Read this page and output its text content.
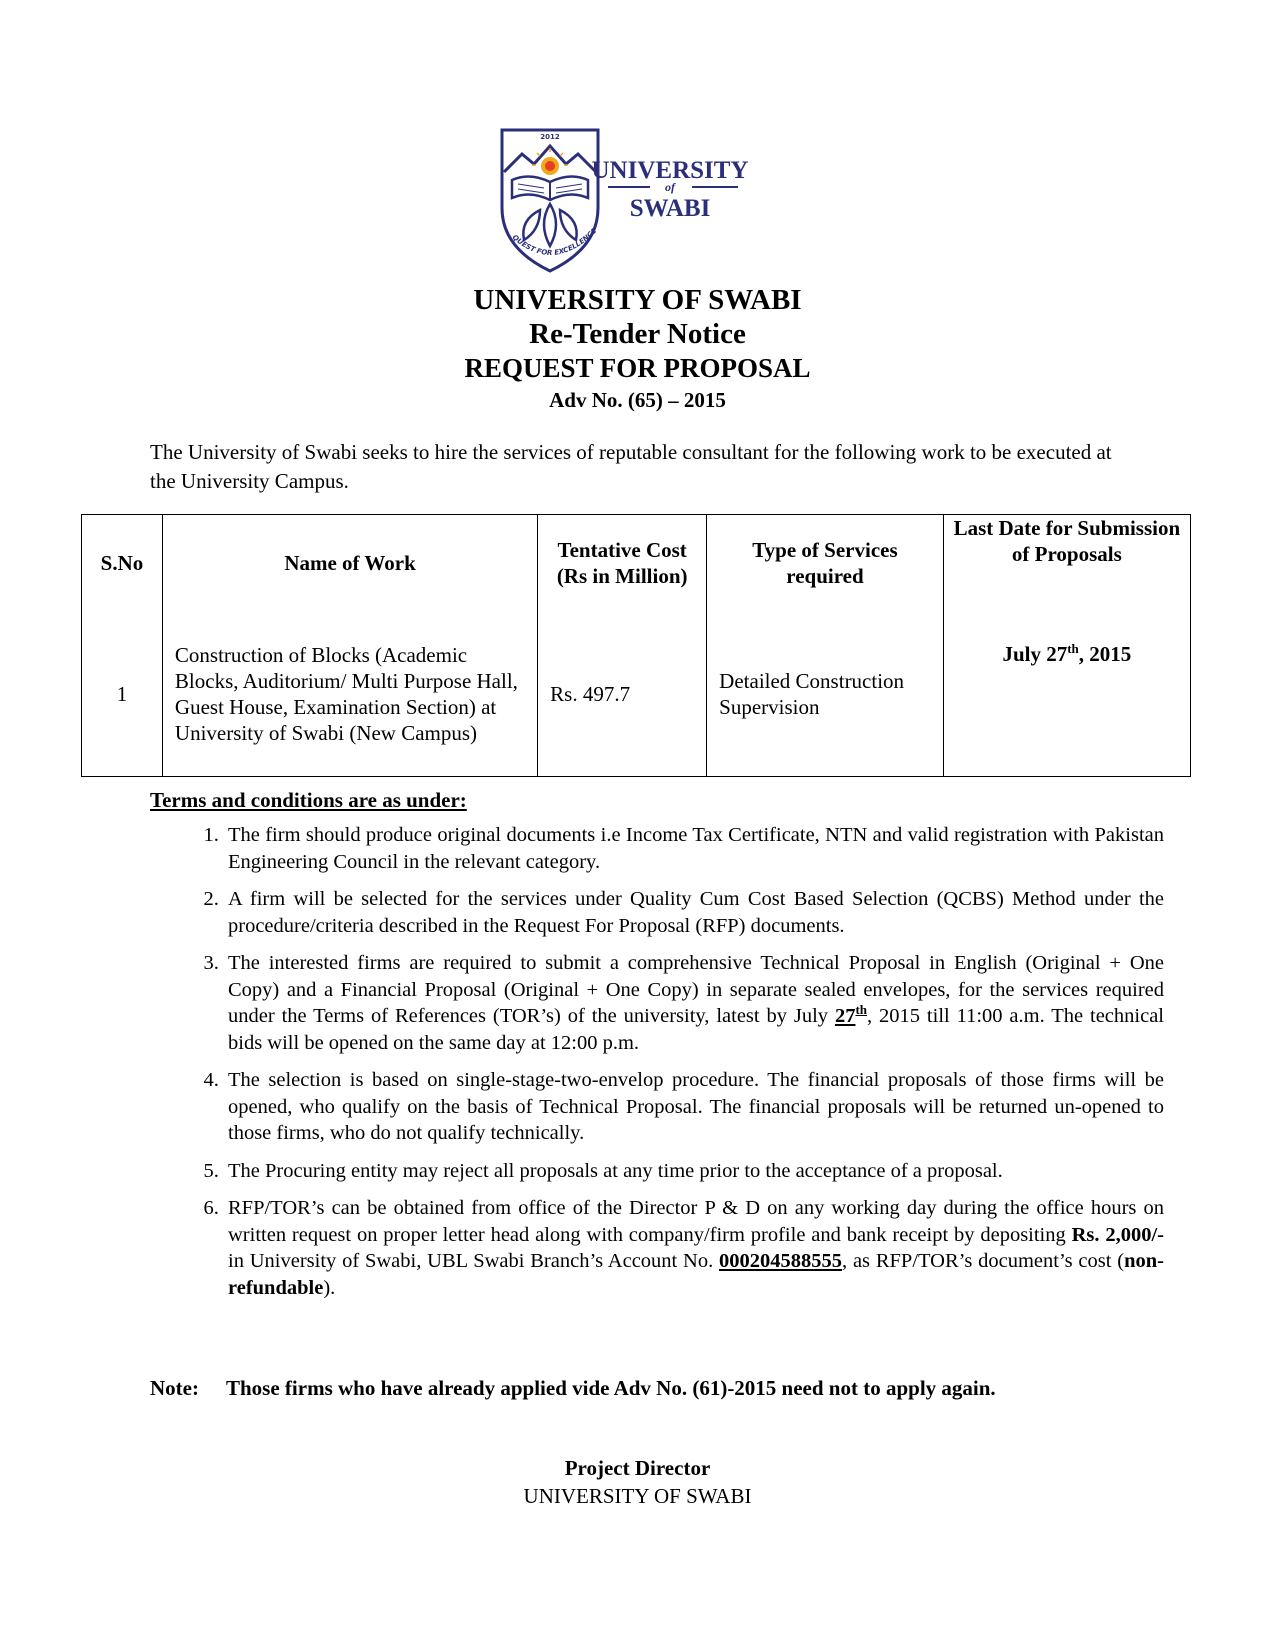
2012
QUEST FOR EXCELLENCE
UNIVERSITY
of
SWABI
UNIVERSITY OF SWABI
Re-Tender Notice
REQUEST FOR PROPOSAL
Adv No. (65) – 2015
The University of Swabi seeks to hire the services of reputable consultant for the following work to be executed at the University Campus.
S.No	Name of Work	Tentative Cost (Rs in Million)	Type of Services required	Last Date for Submission of Proposals
1	Construction of Blocks (Academic Blocks, Auditorium/ Multi Purpose Hall, Guest House, Examination Section) at University of Swabi (New Campus)	Rs. 497.7	Detailed Construction Supervision	July 27th, 2015
Terms and conditions are as under:
1. The firm should produce original documents i.e Income Tax Certificate, NTN and valid registration with Pakistan Engineering Council in the relevant category.
2. A firm will be selected for the services under Quality Cum Cost Based Selection (QCBS) Method under the procedure/criteria described in the Request For Proposal (RFP) documents.
3. The interested firms are required to submit a comprehensive Technical Proposal in English (Original + One Copy) and a Financial Proposal (Original + One Copy) in separate sealed envelopes, for the services required under the Terms of References (TOR’s) of the university, latest by July 27th, 2015 till 11:00 a.m. The technical bids will be opened on the same day at 12:00 p.m.
4. The selection is based on single-stage-two-envelop procedure. The financial proposals of those firms will be opened, who qualify on the basis of Technical Proposal. The financial proposals will be returned un-opened to those firms, who do not qualify technically.
5. The Procuring entity may reject all proposals at any time prior to the acceptance of a proposal.
6. RFP/TOR’s can be obtained from office of the Director P & D on any working day during the office hours on written request on proper letter head along with company/firm profile and bank receipt by depositing Rs. 2,000/- in University of Swabi, UBL Swabi Branch’s Account No. 000204588555, as RFP/TOR’s document’s cost (non-refundable).
Note: Those firms who have already applied vide Adv No. (61)-2015 need not to apply again.
Project Director
UNIVERSITY OF SWABI
